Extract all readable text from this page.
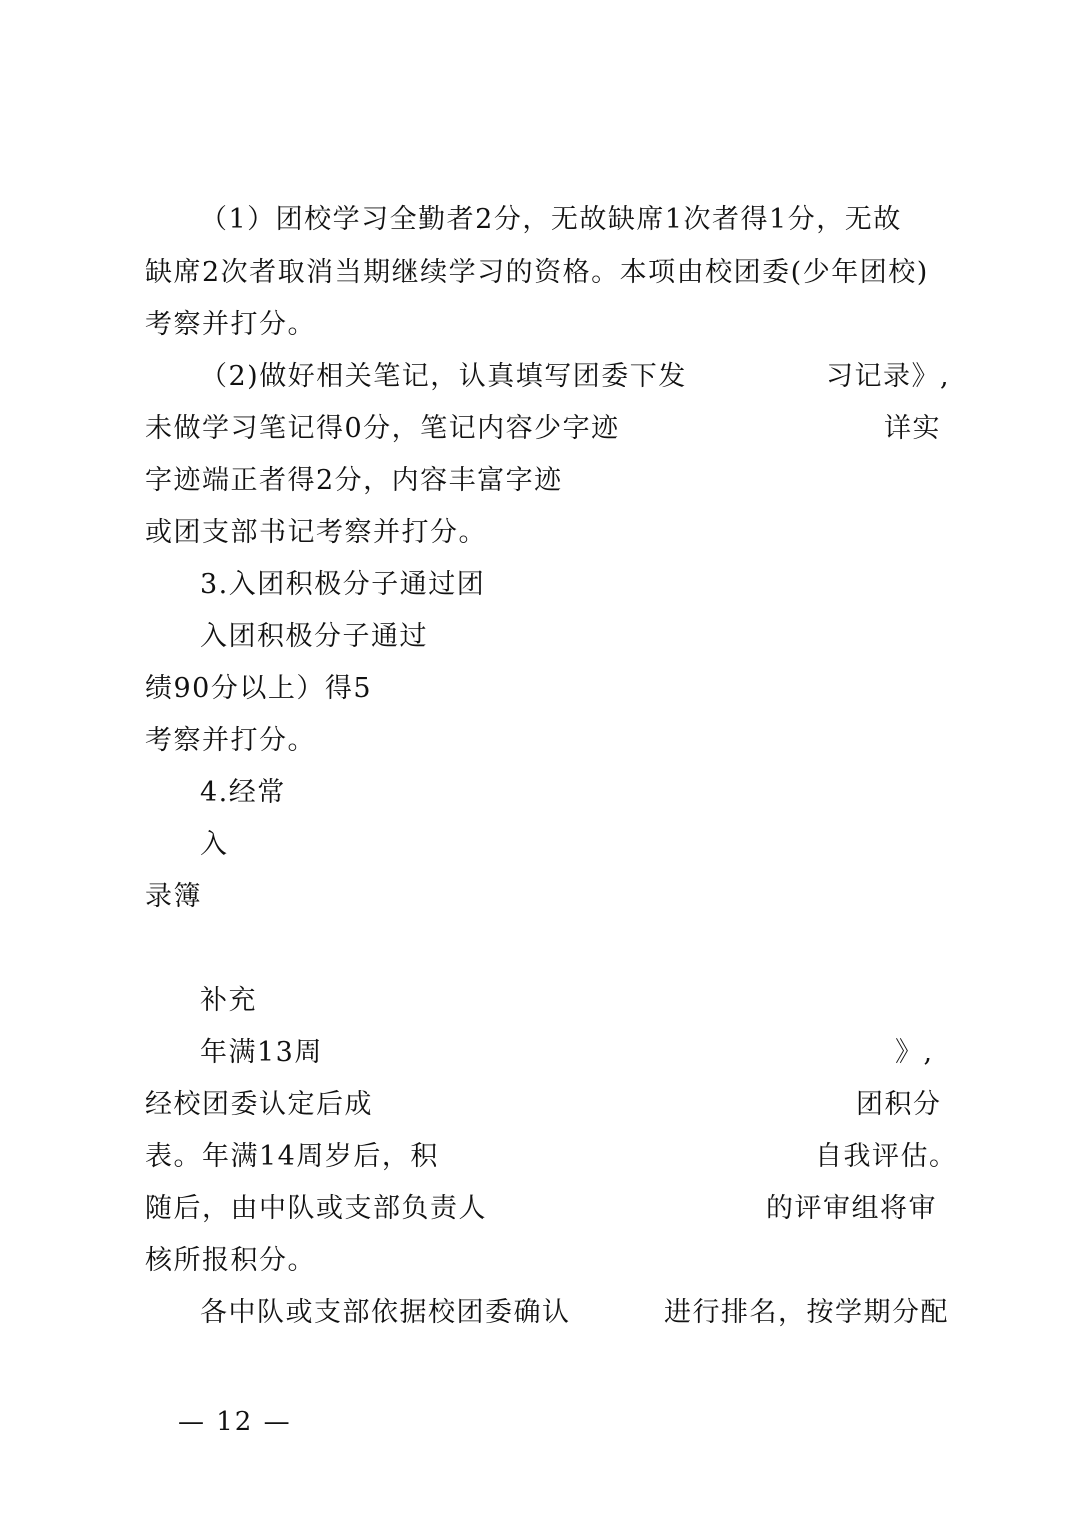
（1）团校学习全勤者2分，无故缺席1次者得1分，无故
缺席2次者取消当期继续学习的资格。本项由校团委(少年团校)
考察并打分。
（2)做好相关笔记，认真填写团委下发	习记录》,
未做学习笔记得0分，笔记内容少字迹	详实
字迹端正者得2分，内容丰富字迹
或团支部书记考察并打分。
3.入团积极分子通过团
入团积极分子通过
绩90分以上）得5
考察并打分。
4.经常
入
录簿
补充
年满13周	》,
经校团委认定后成	团积分
表。年满14周岁后，积	自我评估。
随后，由中队或支部负责人	的评审组将审
核所报积分。
各中队或支部依据校团委确认	进行排名，按学期分配
— 12 —
